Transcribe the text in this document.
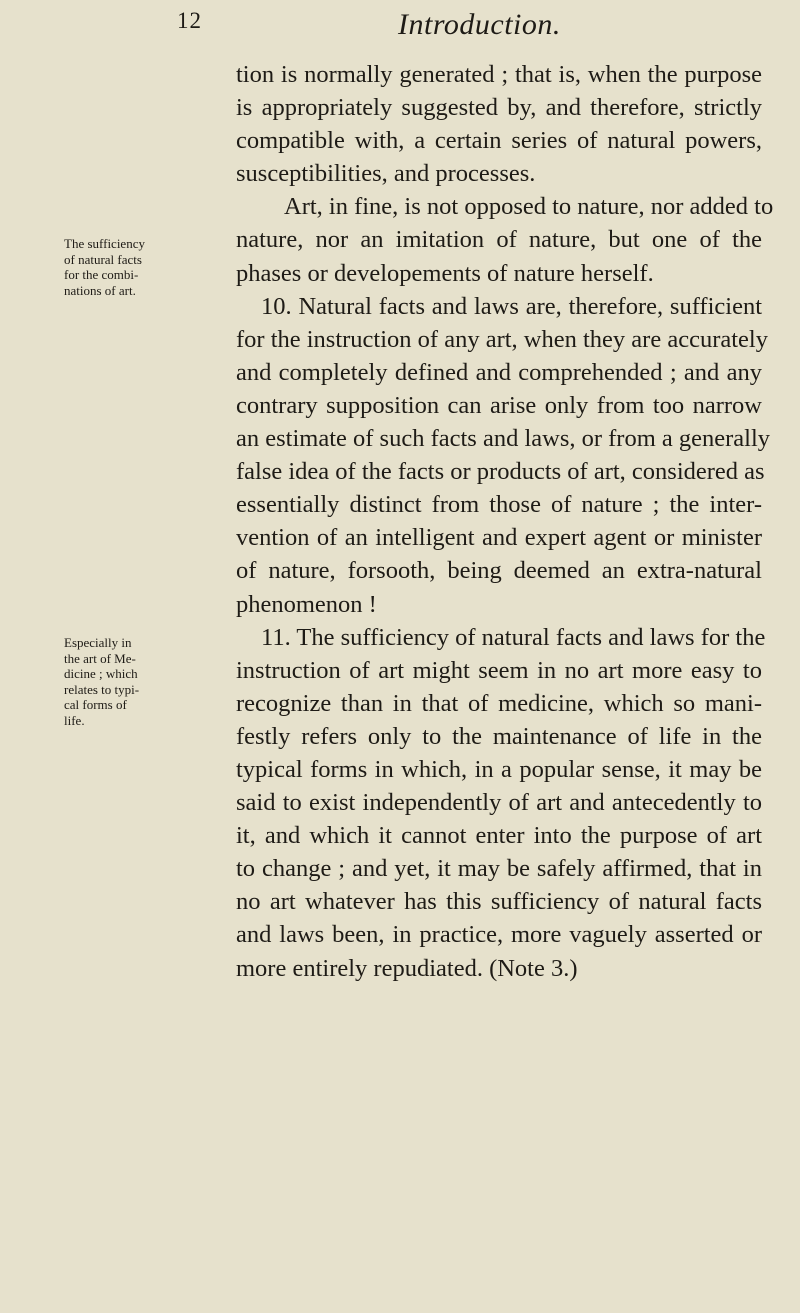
12	Introduction.
The sufficiency
of natural facts
for the combi-
nations of art.
Especially in
the art of Me-
dicine ; which
relates to typi-
cal forms of
life.
tion is normally generated ; that is, when the purpose
is appropriately suggested by, and therefore, strictly
compatible with, a certain series of natural powers,
susceptibilities, and processes.
Art, in fine, is not opposed to nature, nor added to
nature, nor an imitation of nature, but one of the
phases or developements of nature herself.
10. Natural facts and laws are, therefore, sufficient
for the instruction of any art, when they are accurately
and completely defined and comprehended ; and any
contrary supposition can arise only from too narrow
an estimate of such facts and laws, or from a generally
false idea of the facts or products of art, considered as
essentially distinct from those of nature ; the inter-
vention of an intelligent and expert agent or minister
of nature, forsooth, being deemed an extra-natural
phenomenon !
11. The sufficiency of natural facts and laws for the
instruction of art might seem in no art more easy to
recognize than in that of medicine, which so mani-
festly refers only to the maintenance of life in the
typical forms in which, in a popular sense, it may be
said to exist independently of art and antecedently to
it, and which it cannot enter into the purpose of art
to change ; and yet, it may be safely affirmed, that in
no art whatever has this sufficiency of natural facts
and laws been, in practice, more vaguely asserted or
more entirely repudiated. (Note 3.)
